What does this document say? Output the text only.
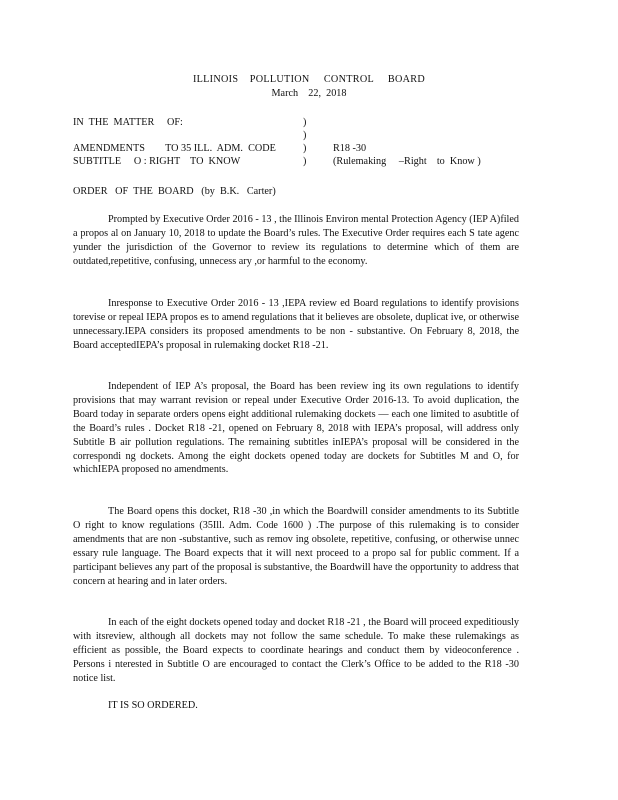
ILLINOIS    POLLUTION     CONTROL     BOARD
March    22,  2018
IN  THE  MATTER     OF:	)
)
AMENDMENTS        TO 35 ILL.  ADM.  CODE	)	R18 -30
SUBTITLE     O : RIGHT    TO  KNOW	)	(Rulemaking     –Right    to  Know )
ORDER   OF  THE  BOARD   (by  B.K.   Carter)
Prompted by Executive Order 2016 - 13 , the Illinois Environ mental Protection Agency (IEP A)filed a propos al on January 10, 2018 to update the Board’s rules. The Executive Order requires each S tate agenc yunder the jurisdiction of the Governor to review its regulations to determine which of them are outdated,repetitive, confusing, unnecess ary ,or harmful to the economy.
Inresponse to Executive Order 2016 - 13 ,IEPA review ed Board regulations to identify provisions torevise or repeal IEPA propos es to amend regulations that it believes are obsolete, duplicat ive, or otherwise unnecessary.IEPA considers its proposed amendments to be non - substantive. On February 8, 2018, the Board acceptedIEPA’s proposal in rulemaking docket R18 -21.
Independent of IEP A’s proposal, the Board has been review ing its own regulations to identify provisions that may warrant revision or repeal under Executive Order 2016-13. To avoid duplication, the Board today in separate orders opens eight additional rulemaking dockets — each one limited to asubtitle of the Board’s rules . Docket R18 -21, opened on February 8, 2018 with IEPA’s proposal, will address only Subtitle B air pollution regulations. The remaining subtitles inIEPA’s proposal will be considered in the correspondi ng dockets. Among the eight dockets opened today are dockets for Subtitles M and O, for whichIEPA proposed no amendments.
The Board opens this docket, R18 -30 ,in which the Boardwill consider amendments to its Subtitle O right to know regulations (35Ill. Adm. Code 1600 ) .The purpose of this rulemaking is to consider amendments that are non -substantive, such as remov ing obsolete, repetitive, confusing, or otherwise unnec essary rule language. The Board expects that it will next proceed to a propo sal for public comment. If a participant believes any part of the proposal is substantive, the Boardwill have the opportunity to address that concern at hearing and in later orders.
In each of the eight dockets opened today and docket R18 -21 , the Board will proceed expeditiously with itsreview, although all dockets may not follow the same schedule. To make these rulemakings as efficient as possible, the Board expects to coordinate hearings and conduct them by videoconference . Persons i nterested in Subtitle O are encouraged to contact the Clerk’s Office to be added to the R18 -30 notice list.
IT IS SO ORDERED.
